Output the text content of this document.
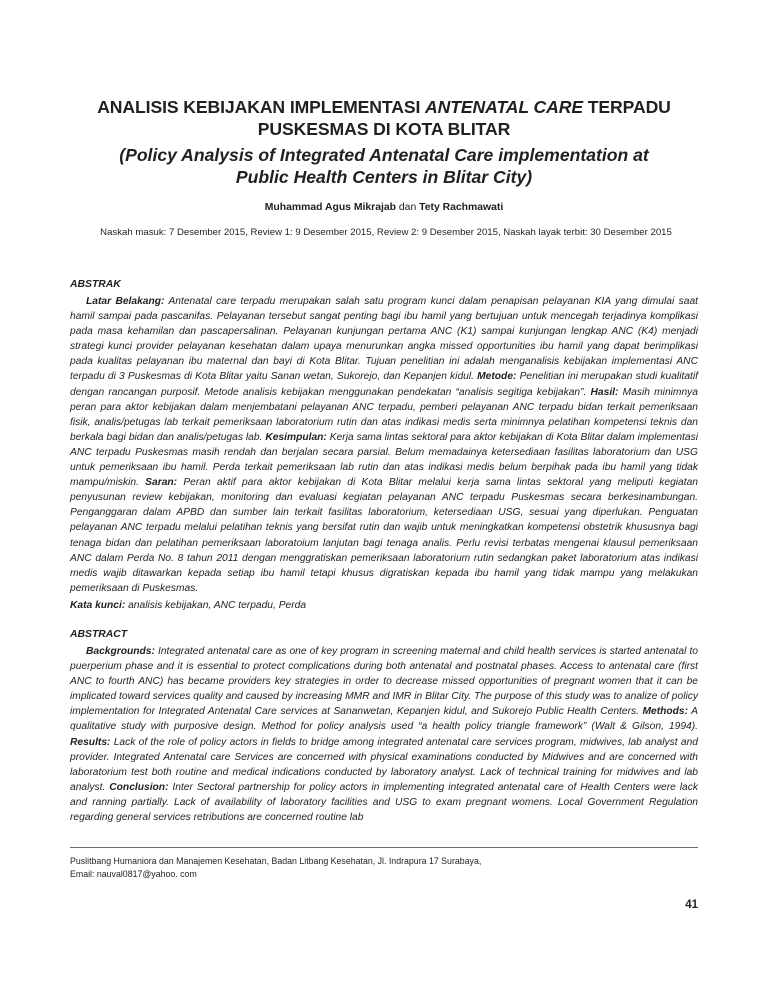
ANALISIS KEBIJAKAN IMPLEMENTASI ANTENATAL CARE TERPADU
PUSKESMAS DI KOTA BLITAR
(Policy Analysis of Integrated Antenatal Care implementation at
Public Health Centers in Blitar City)
Muhammad Agus Mikrajab dan Tety Rachmawati
Naskah masuk: 7 Desember 2015, Review 1: 9 Desember 2015, Review 2: 9 Desember 2015, Naskah layak terbit: 30 Desember 2015
ABSTRAK

Latar Belakang: Antenatal care terpadu merupakan salah satu program kunci dalam penapisan pelayanan KIA yang dimulai saat hamil sampai pada pascanifas. Pelayanan tersebut sangat penting bagi ibu hamil yang bertujuan untuk mencegah terjadinya komplikasi pada masa kehamilan dan pascapersalinan. Pelayanan kunjungan pertama ANC (K1) sampai kunjungan lengkap ANC (K4) menjadi strategi kunci provider pelayanan kesehatan dalam upaya menurunkan angka missed opportunities ibu hamil yang dapat berimplikasi pada kualitas pelayanan ibu maternal dan bayi di Kota Blitar. Tujuan penelitian ini adalah menganalisis kebijakan implementasi ANC terpadu di 3 Puskesmas di Kota Blitar yaitu Sanan wetan, Sukorejo, dan Kepanjen kidul. Metode: Penelitian ini merupakan studi kualitatif dengan rancangan purposif. Metode analisis kebijakan menggunakan pendekatan “analisis segitiga kebijakan”. Hasil: Masih minimnya peran para aktor kebijakan dalam menjembatani pelayanan ANC terpadu, pemberi pelayanan ANC terpadu bidan terkait pemeriksaan fisik, analis/petugas lab terkait pemeriksaan laboratorium rutin dan atas indikasi medis serta minimnya pelatihan kompetensi teknis dan berkala bagi bidan dan analis/petugas lab. Kesimpulan: Kerja sama lintas sektoral para aktor kebijakan di Kota Blitar dalam implementasi ANC terpadu Puskesmas masih rendah dan berjalan secara parsial. Belum memadainya ketersediaan fasilitas laboratorium dan USG untuk pemeriksaan ibu hamil. Perda terkait pemeriksaan lab rutin dan atas indikasi medis belum berpihak pada ibu hamil yang tidak mampu/miskin. Saran: Peran aktif para aktor kebijakan di Kota Blitar melalui kerja sama lintas sektoral yang meliputi kegiatan penyusunan review kebijakan, monitoring dan evaluasi kegiatan pelayanan ANC terpadu Puskesmas secara berkesinambungan. Penganggaran dalam APBD dan sumber lain terkait fasilitas laboratorium, ketersediaan USG, sesuai yang diperlukan. Penguatan pelayanan ANC terpadu melalui pelatihan teknis yang bersifat rutin dan wajib untuk meningkatkan kompetensi obstetrik khususnya bagi tenaga bidan dan pelatihan pemeriksaan laboratoium lanjutan bagi tenaga analis. Perlu revisi terbatas mengenai klausul pemeriksaan ANC dalam Perda No. 8 tahun 2011 dengan menggratiskan pemeriksaan laboratorium rutin sedangkan paket laboratorium atas indikasi medis wajib ditawarkan kepada setiap ibu hamil tetapi khusus digratiskan kepada ibu hamil yang tidak mampu yang melakukan pemeriksaan di Puskesmas.

Kata kunci: analisis kebijakan, ANC terpadu, Perda
ABSTRACT

Backgrounds: Integrated antenatal care as one of key program in screening maternal and child health services is started antenatal to puerperium phase and it is essential to protect complications during both antenatal and postnatal phases. Access to antenatal care (first ANC to fourth ANC) has became providers key strategies in order to decrease missed opportunities of pregnant women that it can be implicated toward services quality and caused by increasing MMR and IMR in Blitar City. The purpose of this study was to analize of policy implementation for Integrated Antenatal Care services at Sananwetan, Kepanjen kidul, and Sukorejo Public Health Centers. Methods: A qualitative study with purposive design. Method for policy analysis used “a health policy triangle framework” (Walt & Gilson, 1994). Results: Lack of the role of policy actors in fields to bridge among integrated antenatal care services program, midwives, lab analyst and provider. Integrated Antenatal care Services are concerned with physical examinations conducted by Midwives and are concerned with laboratorium test both routine and medical indications conducted by laboratory analyst. Lack of technical training for midwives and lab analyst. Conclusion: Inter Sectoral partnership for policy actors in implementing integrated antenatal care of Health Centers were lack and ranning partially. Lack of availability of laboratory facilities and USG to exam pregnant womens. Local Government Regulation regarding general services retributions are concerned routine lab

Puslitbang Humaniora dan Manajemen Kesehatan, Badan Litbang Kesehatan, Jl. Indrapura 17 Surabaya,
Email: nauval0817@yahoo. com
41
